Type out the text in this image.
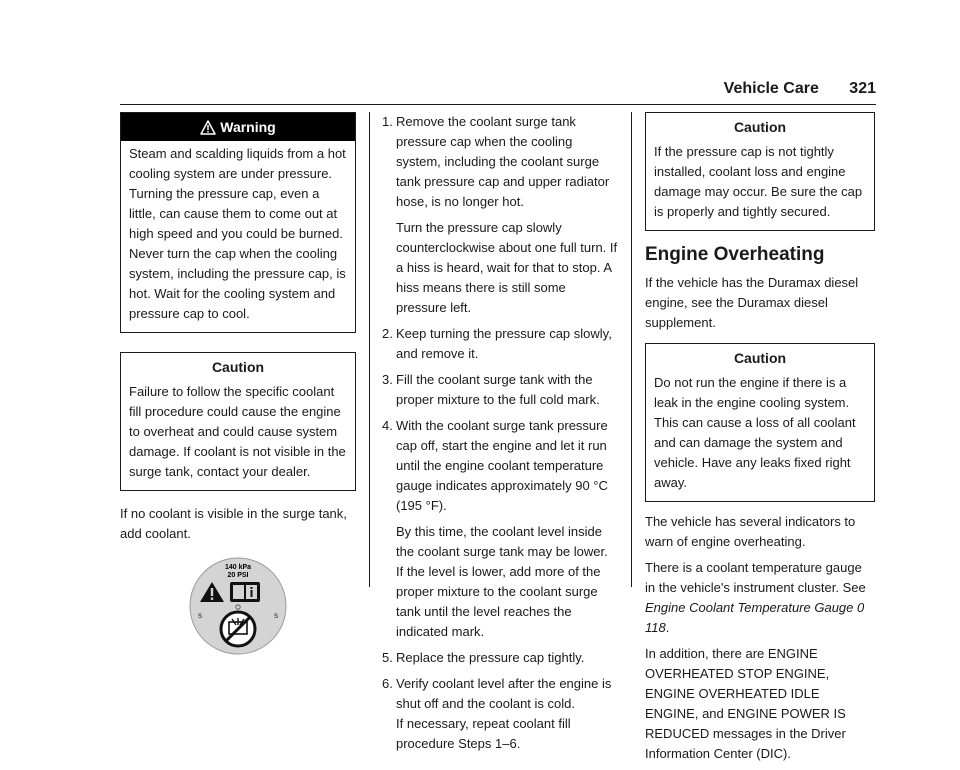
Vehicle Care 321
Warning
Steam and scalding liquids from a hot cooling system are under pressure. Turning the pressure cap, even a little, can cause them to come out at high speed and you could be burned. Never turn the cap when the cooling system, including the pressure cap, is hot. Wait for the cooling system and pressure cap to cool.
Caution
Failure to follow the specific coolant fill procedure could cause the engine to overheat and could cause system damage. If coolant is not visible in the surge tank, contact your dealer.

If no coolant is visible in the surge tank, add coolant.

140 kPa
20 PSI
S	S
1. Remove the coolant surge tank pressure cap when the cooling system, including the coolant surge tank pressure cap and upper radiator hose, is no longer hot.
Turn the pressure cap slowly counterclockwise about one full turn. If a hiss is heard, wait for that to stop. A hiss means there is still some pressure left.
2. Keep turning the pressure cap slowly, and remove it.
3. Fill the coolant surge tank with the proper mixture to the full cold mark.
4. With the coolant surge tank pressure cap off, start the engine and let it run until the engine coolant temperature gauge indicates approximately 90 °C (195 °F).
By this time, the coolant level inside the coolant surge tank may be lower. If the level is lower, add more of the proper mixture to the coolant surge tank until the level reaches the indicated mark.
5. Replace the pressure cap tightly.
6. Verify coolant level after the engine is shut off and the coolant is cold.
If necessary, repeat coolant fill procedure Steps 1–6.
Caution
If the pressure cap is not tightly installed, coolant loss and engine damage may occur. Be sure the cap is properly and tightly secured.
Engine Overheating

If the vehicle has the Duramax diesel engine, see the Duramax diesel supplement.

Caution
Do not run the engine if there is a leak in the engine cooling system. This can cause a loss of all coolant and can damage the system and vehicle. Have any leaks fixed right away.

The vehicle has several indicators to warn of engine overheating.

There is a coolant temperature gauge in the vehicle's instrument cluster. See Engine Coolant Temperature Gauge 0 118.

In addition, there are ENGINE OVERHEATED STOP ENGINE, ENGINE OVERHEATED IDLE ENGINE, and ENGINE POWER IS REDUCED messages in the Driver Information Center (DIC).
